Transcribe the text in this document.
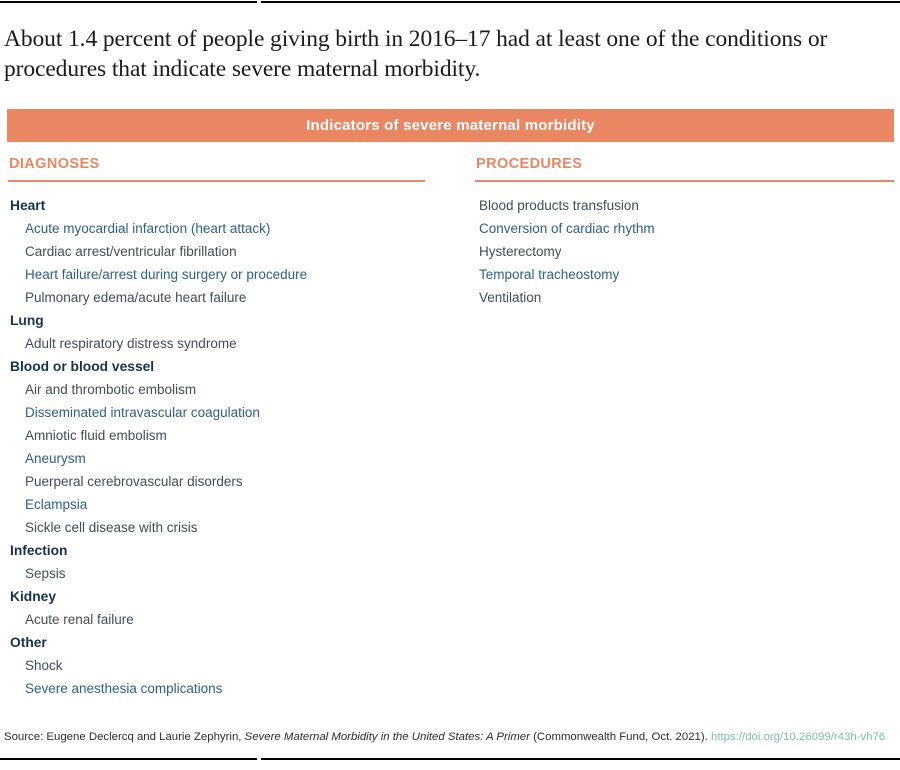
About 1.4 percent of people giving birth in 2016–17 had at least one of the conditions or procedures that indicate severe maternal morbidity.
Indicators of severe maternal morbidity
DIAGNOSES
Heart
Acute myocardial infarction (heart attack)
Cardiac arrest/ventricular fibrillation
Heart failure/arrest during surgery or procedure
Pulmonary edema/acute heart failure
Lung
Adult respiratory distress syndrome
Blood or blood vessel
Air and thrombotic embolism
Disseminated intravascular coagulation
Amniotic fluid embolism
Aneurysm
Puerperal cerebrovascular disorders
Eclampsia
Sickle cell disease with crisis
Infection
Sepsis
Kidney
Acute renal failure
Other
Shock
Severe anesthesia complications
PROCEDURES
Blood products transfusion
Conversion of cardiac rhythm
Hysterectomy
Temporal tracheostomy
Ventilation
Source: Eugene Declercq and Laurie Zephyrin, Severe Maternal Morbidity in the United States: A Primer (Commonwealth Fund, Oct. 2021). https://doi.org/10.26099/r43h-vh76
